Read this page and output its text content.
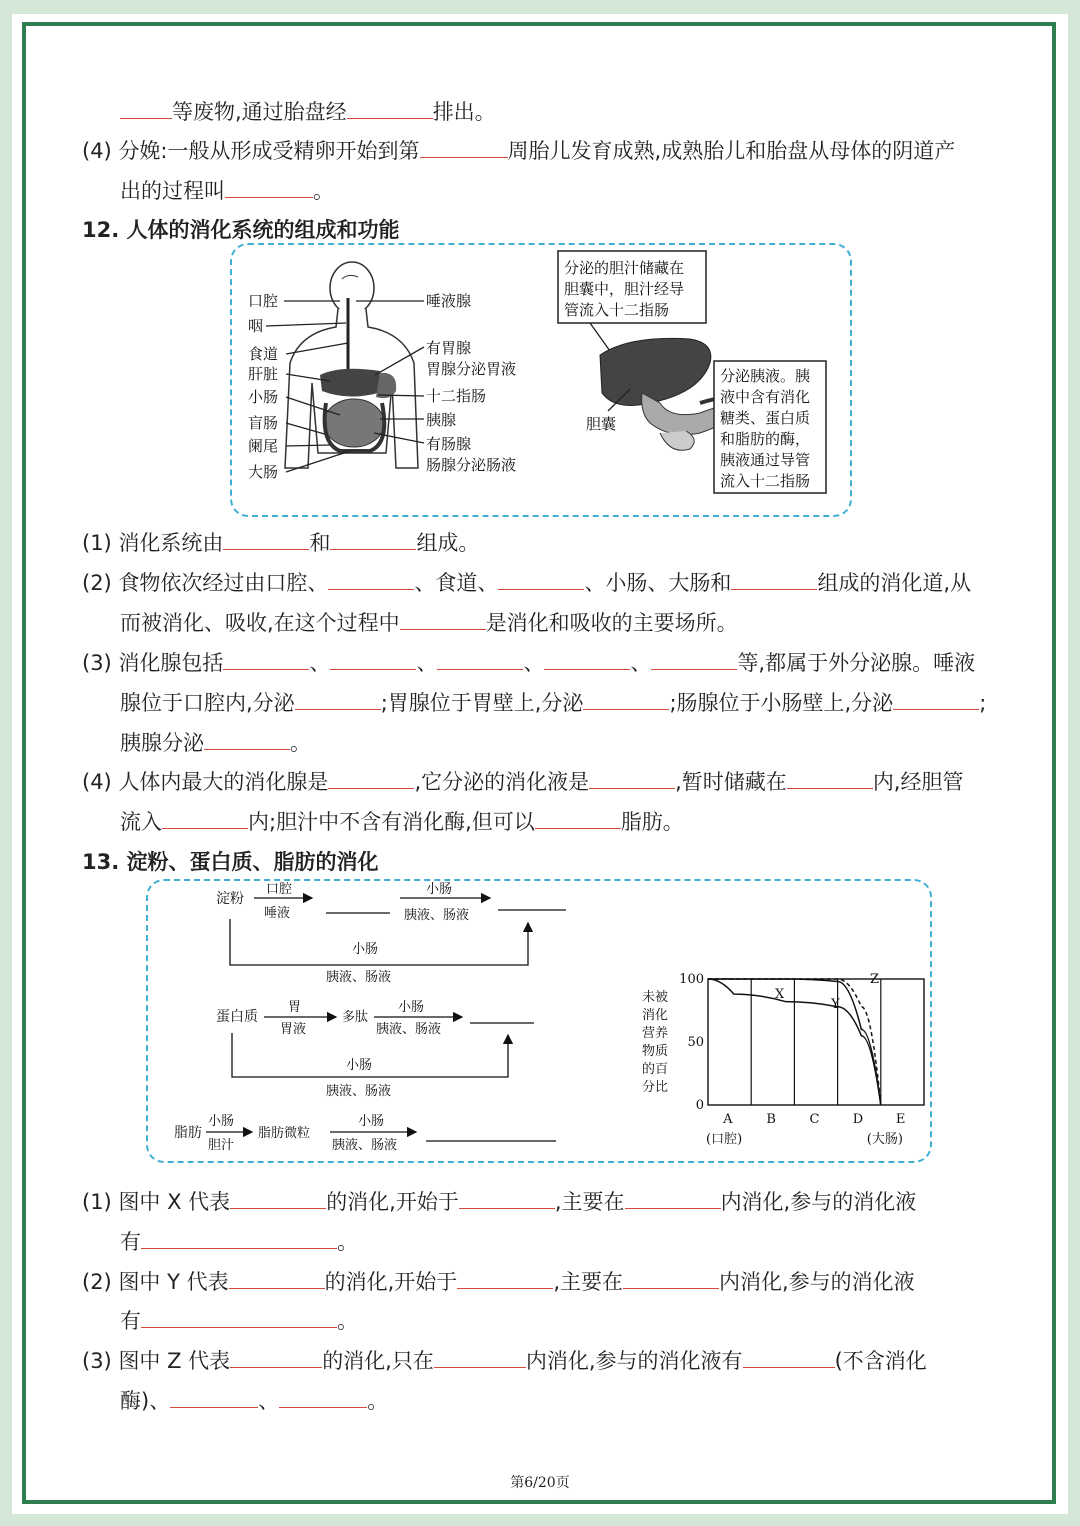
等废物,通过胎盘经	排出。
(4) 分娩:一般从形成受精卵开始到第	周胎儿发育成熟,成熟胎儿和胎盘从母体的阴道产
出的过程叫	。
12. 人体的消化系统的组成和功能
口腔
咽
食道
肝脏
小肠
盲肠
阑尾
大肠
唾液腺
有胃腺
胃腺分泌胃液
十二指肠
胰腺
有肠腺
肠腺分泌肠液
分泌的胆汁储藏在
胆囊中，胆汁经导
管流入十二指肠
胆囊
分泌胰液。胰
液中含有消化
糖类、蛋白质
和脂肪的酶，
胰液通过导管
流入十二指肠
(1) 消化系统由	和	组成。
(2) 食物依次经过由口腔、	、食道、	、小肠、大肠和	组成的消化道,从
而被消化、吸收,在这个过程中	是消化和吸收的主要场所。
(3) 消化腺包括	、	、	、	、	等,都属于外分泌腺。唾液
腺位于口腔内,分泌	;胃腺位于胃壁上,分泌	;肠腺位于小肠壁上,分泌	;
胰腺分泌	。
(4) 人体内最大的消化腺是	,它分泌的消化液是	,暂时储藏在	内,经胆管
流入	内;胆汁中不含有消化酶,但可以	脂肪。
13. 淀粉、蛋白质、脂肪的消化
淀粉
口腔
唾液
小肠
胰液、肠液
小肠
胰液、肠液
蛋白质
胃
胃液
多肽
小肠
胰液、肠液
小肠
胰液、肠液
脂肪
小肠
胆汁
脂肪微粒
小肠
胰液、肠液
未被
消化
营养
物质
的百
分比
100
50
0
X
Y
Z
A
(口腔)
B	C	D	E
(大肠)
(1) 图中 X 代表	的消化,开始于	,主要在	内消化,参与的消化液
有	。
(2) 图中 Y 代表	的消化,开始于	,主要在	内消化,参与的消化液
有	。
(3) 图中 Z 代表	的消化,只在	内消化,参与的消化液有	(不含消化
酶)、	、	。
第6/20页
